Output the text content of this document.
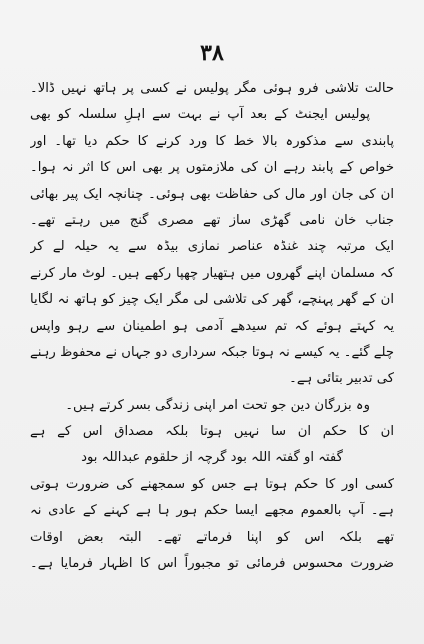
۳۸
حالت تلاشی فرو ہوئی مگر پولیس نے کسی پر ہاتھ نہیں ڈالا۔
پولیس ایجنٹ کے بعد آپ نے بہت سے اہلِ سلسلہ کو بھی
پابندی سے مذکورہ بالا خط کا ورد کرنے کا حکم دیا تھا۔ اور
خواص کے پابند رہے ان کی ملازمتوں پر بھی اس کا اثر نہ ہوا۔
ان کی جان اور مال کی حفاظت بھی ہوئی۔ چنانچہ ایک پیر بھائی
جناب خان نامی گھڑی ساز تھے مصری گنج میں رہتے تھے۔
ایک مرتبہ چند غنڈہ عناصر نمازی بیڈہ سے یہ حیلہ لے کر
کہ مسلمان اپنے گھروں میں ہتھیار چھپا رکھے ہیں۔ لوٹ مار کرنے
ان کے گھر پہنچے، گھر کی تلاشی لی مگر ایک چیز کو ہاتھ نہ لگایا
یہ کہتے ہوئے کہ تم سیدھے آدمی ہو اطمینان سے رہو واپس
چلے گئے۔ یہ کیسے نہ ہوتا جبکہ سرداری دو جہاں نے محفوظ رہنے
کی تدبیر بتائی ہے۔
وہ بزرگان دین جو تحت امر اپنی زندگی بسر کرتے ہیں۔
ان کا حکم ان سا نہیں ہوتا بلکہ مصداق اس کے ہے
گفتہ او گفتہ اللہ بود گرچہ از حلقوم عبداللہ بود
کسی اور کا حکم ہوتا ہے جس کو سمجھنے کی ضرورت ہوتی
ہے۔ آپ بالعموم مجھے ایسا حکم ہور ہا ہے کہنے کے عادی نہ
تھے بلکہ اس کو اپنا فرماتے تھے۔ البتہ بعض اوقات
ضرورت محسوس فرمائی تو مجبوراً اس کا اظہار فرمایا ہے۔
